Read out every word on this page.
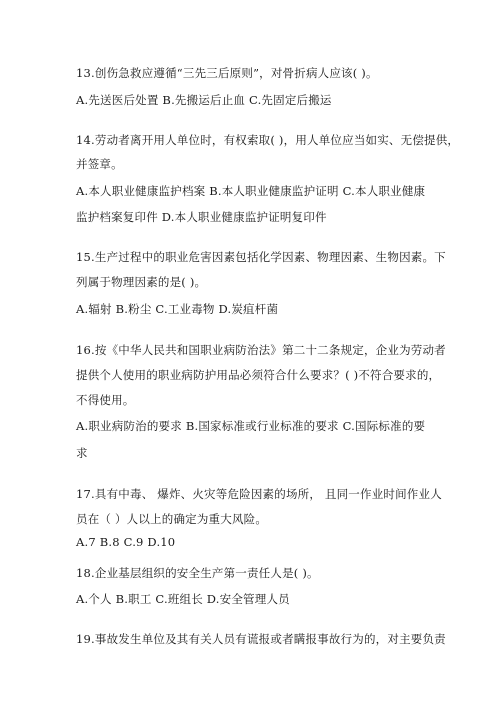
13.创伤急救应遵循“三先三后原则”，对骨折病人应该( )。
A.先送医后处置 B.先搬运后止血 C.先固定后搬运
14.劳动者离开用人单位时，有权索取( )，用人单位应当如实、无偿提供，
并签章。
A.本人职业健康监护档案 B.本人职业健康监护证明 C.本人职业健康
监护档案复印件 D.本人职业健康监护证明复印件
15.生产过程中的职业危害因素包括化学因素、物理因素、生物因素。下
列属于物理因素的是( )。
A.辐射 B.粉尘 C.工业毒物 D.炭疽杆菌
16.按《中华人民共和国职业病防治法》第二十二条规定，企业为劳动者
提供个人使用的职业病防护用品必须符合什么要求？( )不符合要求的，
不得使用。
A.职业病防治的要求 B.国家标准或行业标准的要求 C.国际标准的要
求
17.具有中毒、 爆炸、火灾等危险因素的场所， 且同一作业时间作业人
员在（ ）人以上的确定为重大风险。
A.7 B.8 C.9 D.10
18.企业基层组织的安全生产第一责任人是( )。
A.个人 B.职工 C.班组长 D.安全管理人员
19.事故发生单位及其有关人员有谎报或者瞒报事故行为的，对主要负责
